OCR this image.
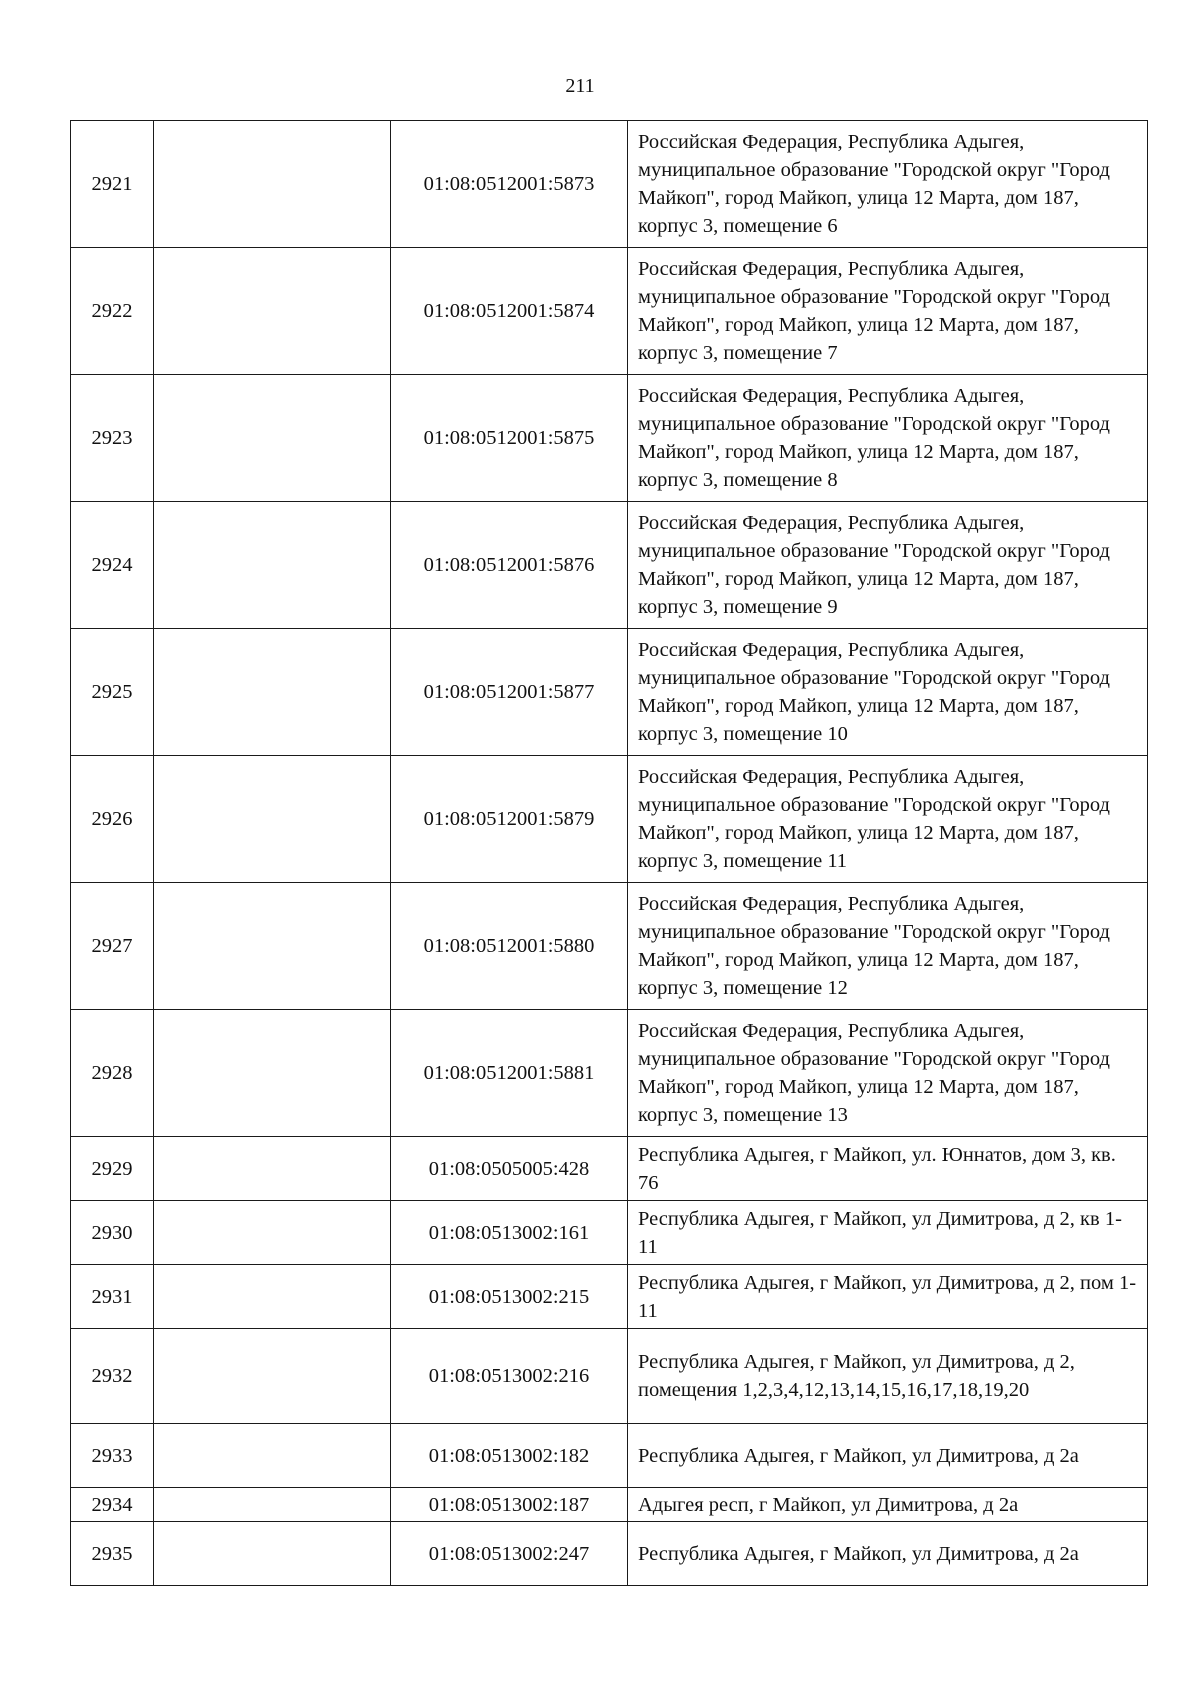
211
2921		01:08:0512001:5873	Российская Федерация, Республика Адыгея, муниципальное образование "Городской округ "Город Майкоп", город Майкоп, улица 12 Марта, дом 187, корпус 3, помещение 6
2922		01:08:0512001:5874	Российская Федерация, Республика Адыгея, муниципальное образование "Городской округ "Город Майкоп", город Майкоп, улица 12 Марта, дом 187, корпус 3, помещение 7
2923		01:08:0512001:5875	Российская Федерация, Республика Адыгея, муниципальное образование "Городской округ "Город Майкоп", город Майкоп, улица 12 Марта, дом 187, корпус 3, помещение 8
2924		01:08:0512001:5876	Российская Федерация, Республика Адыгея, муниципальное образование "Городской округ "Город Майкоп", город Майкоп, улица 12 Марта, дом 187, корпус 3, помещение 9
2925		01:08:0512001:5877	Российская Федерация, Республика Адыгея, муниципальное образование "Городской округ "Город Майкоп", город Майкоп, улица 12 Марта, дом 187, корпус 3, помещение 10
2926		01:08:0512001:5879	Российская Федерация, Республика Адыгея, муниципальное образование "Городской округ "Город Майкоп", город Майкоп, улица 12 Марта, дом 187, корпус 3, помещение 11
2927		01:08:0512001:5880	Российская Федерация, Республика Адыгея, муниципальное образование "Городской округ "Город Майкоп", город Майкоп, улица 12 Марта, дом 187, корпус 3, помещение 12
2928		01:08:0512001:5881	Российская Федерация, Республика Адыгея, муниципальное образование "Городской округ "Город Майкоп", город Майкоп, улица 12 Марта, дом 187, корпус 3, помещение 13
2929		01:08:0505005:428	Республика Адыгея, г Майкоп, ул. Юннатов, дом 3, кв. 76
2930		01:08:0513002:161	Республика Адыгея, г Майкоп, ул Димитрова, д 2, кв 1-11
2931		01:08:0513002:215	Республика Адыгея, г Майкоп, ул Димитрова, д 2, пом 1-11
2932		01:08:0513002:216	Республика Адыгея, г Майкоп, ул Димитрова, д 2, помещения 1,2,3,4,12,13,14,15,16,17,18,19,20
2933		01:08:0513002:182	Республика Адыгея, г Майкоп, ул Димитрова, д 2а
2934		01:08:0513002:187	Адыгея респ, г Майкоп, ул Димитрова, д 2а
2935		01:08:0513002:247	Республика Адыгея, г Майкоп, ул Димитрова, д 2а
